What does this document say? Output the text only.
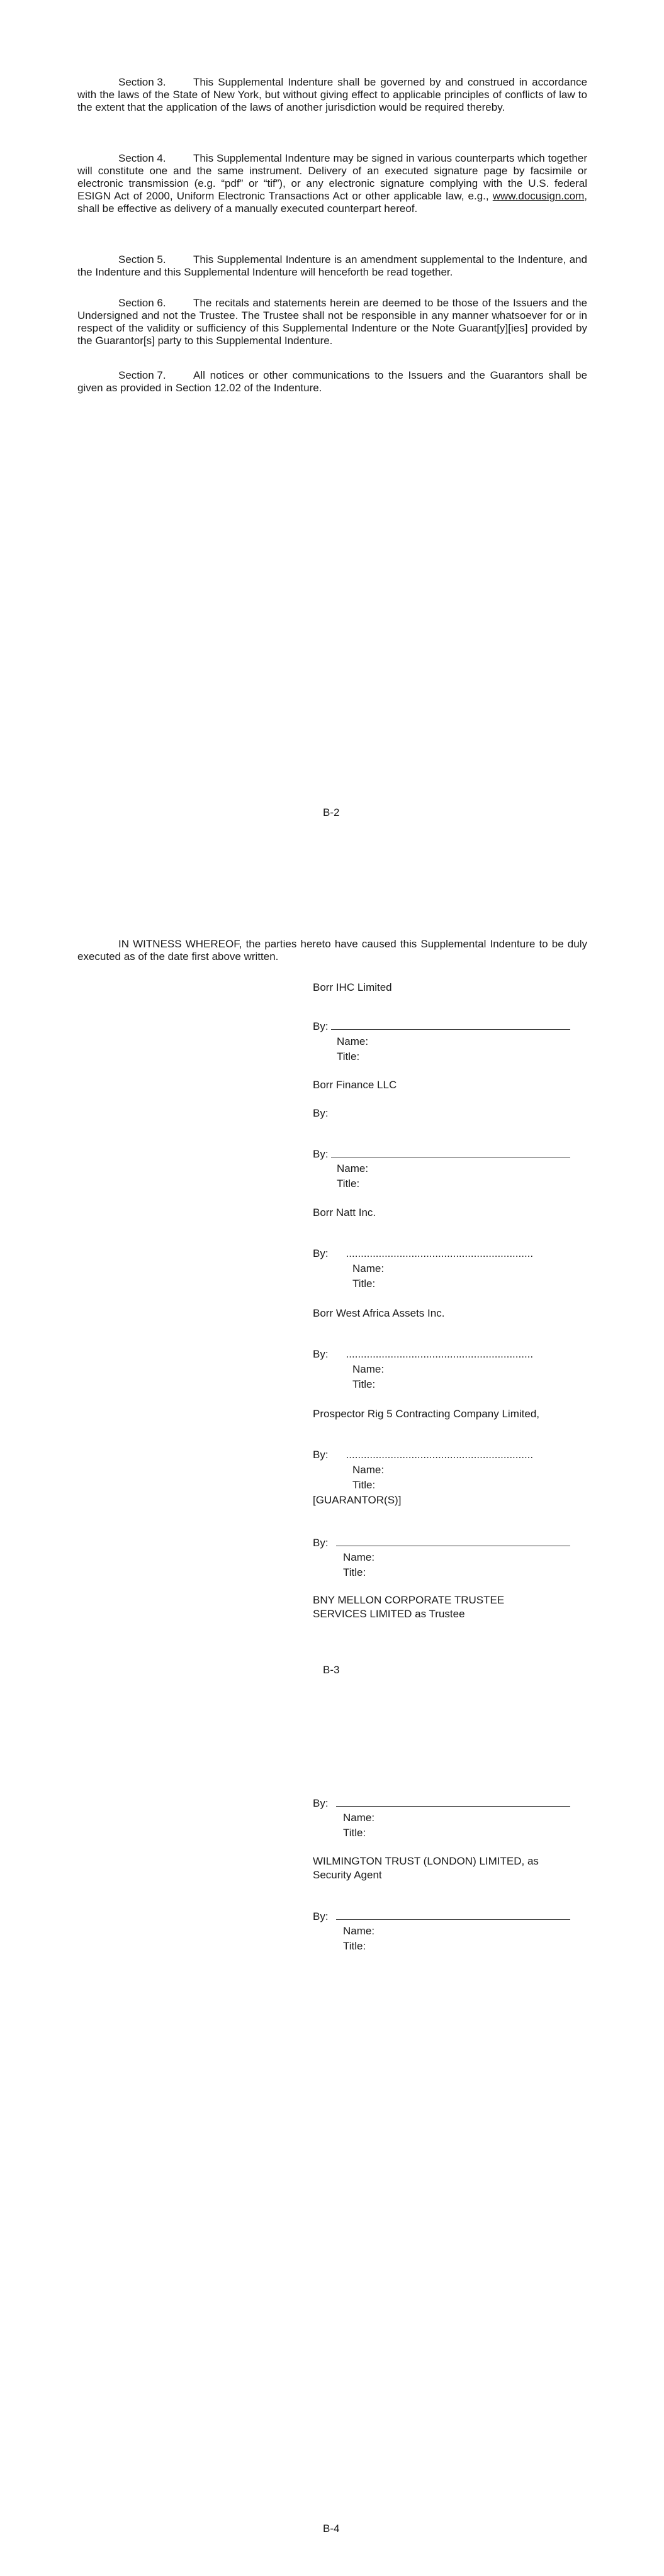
Section 3.	This Supplemental Indenture shall be governed by and construed in accordance with the laws of the State of New York, but without giving effect to applicable principles of conflicts of law to the extent that the application of the laws of another jurisdiction would be required thereby.
Section 4.	This Supplemental Indenture may be signed in various counterparts which together will constitute one and the same instrument. Delivery of an executed signature page by facsimile or electronic transmission (e.g. “pdf” or “tif”), or any electronic signature complying with the U.S. federal ESIGN Act of 2000, Uniform Electronic Transactions Act or other applicable law, e.g., www.docusign.com, shall be effective as delivery of a manually executed counterpart hereof.
Section 5.	This Supplemental Indenture is an amendment supplemental to the Indenture, and the Indenture and this Supplemental Indenture will henceforth be read together.
Section 6.	The recitals and statements herein are deemed to be those of the Issuers and the Undersigned and not the Trustee. The Trustee shall not be responsible in any manner whatsoever for or in respect of the validity or sufficiency of this Supplemental Indenture or the Note Guarant[y][ies] provided by the Guarantor[s] party to this Supplemental Indenture.
Section 7.	All notices or other communications to the Issuers and the Guarantors shall be given as provided in Section 12.02 of the Indenture.
B-2
IN WITNESS WHEREOF, the parties hereto have caused this Supplemental Indenture to be duly executed as of the date first above written.
Borr IHC Limited
By:
Name:
Title:
Borr Finance LLC
By:
By:
Name:
Title:
Borr Natt Inc.
By: ...............................................................
Name:
Title:
Borr West Africa Assets Inc.
By: ...............................................................
Name:
Title:
Prospector Rig 5 Contracting Company Limited,
By: ...............................................................
Name:
Title:
[GUARANTOR(S)]
By:
Name:
Title:
BNY MELLON CORPORATE TRUSTEE
SERVICES LIMITED as Trustee
B-3
By:
Name:
Title:
WILMINGTON TRUST (LONDON) LIMITED, as
Security Agent
By:
Name:
Title:
B-4
